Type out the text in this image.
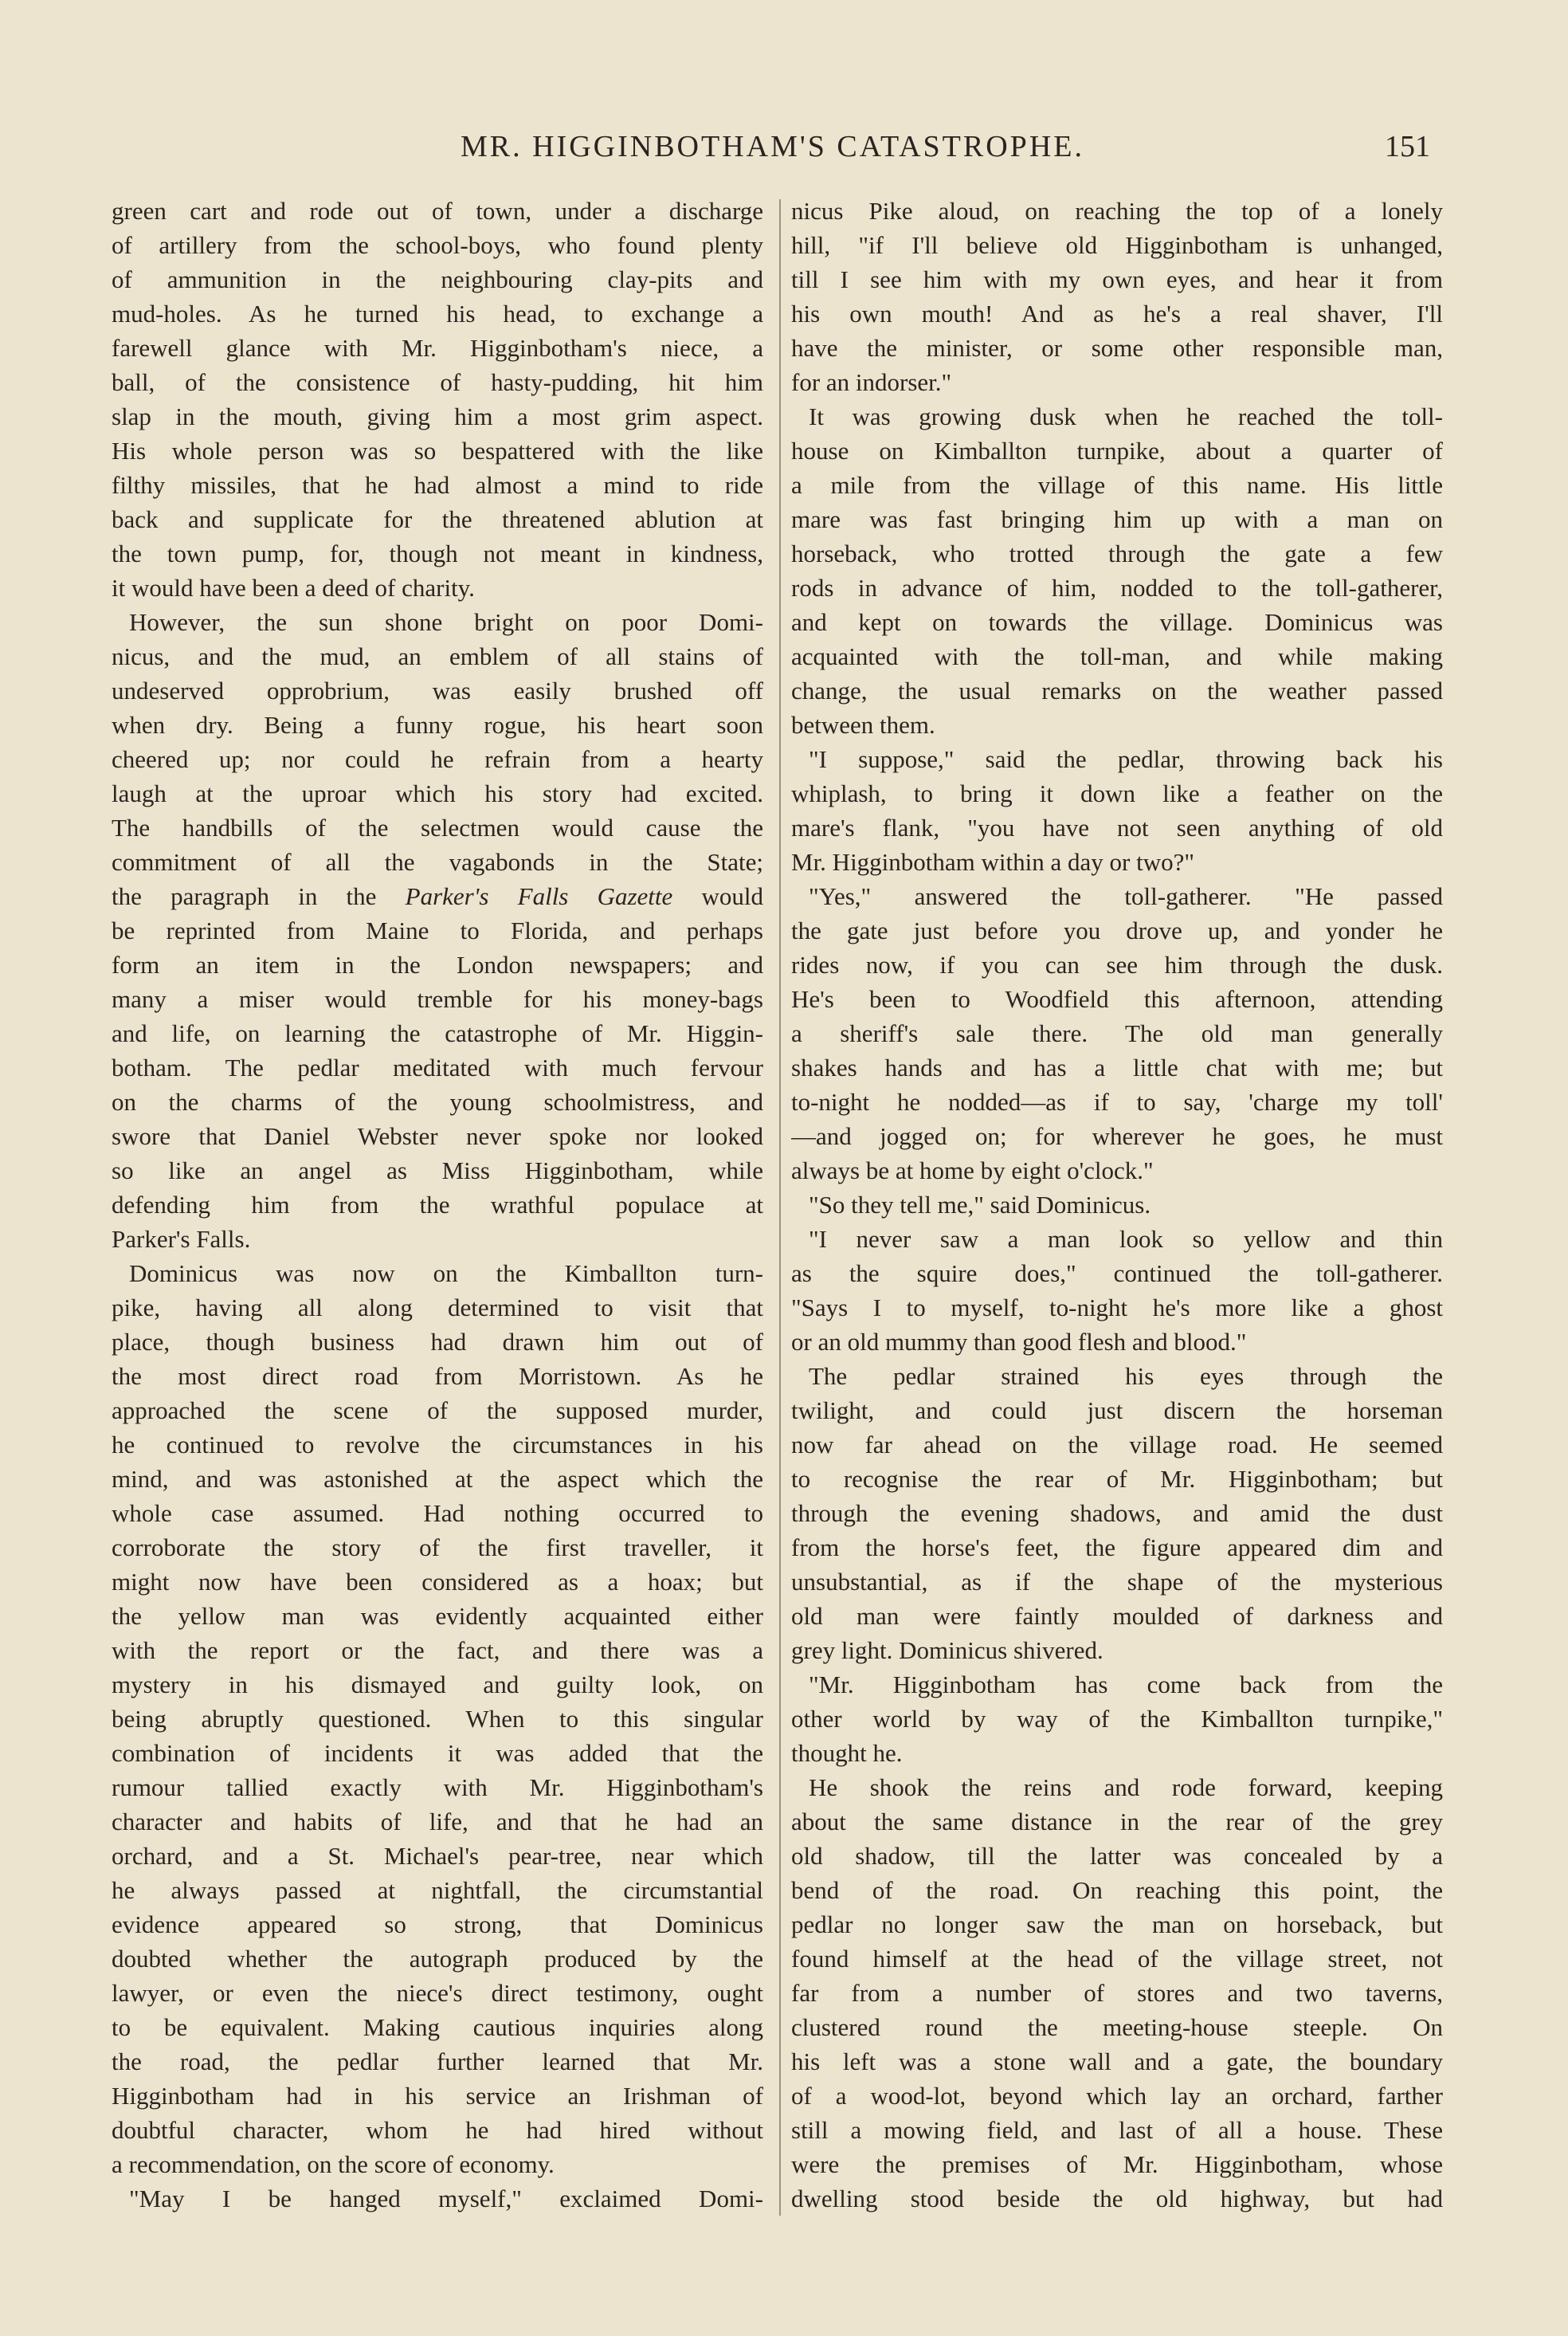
MR. HIGGINBOTHAM'S CATASTROPHE.	151
green cart and rode out of town, under a discharge
of artillery from the school-boys, who found plenty
of ammunition in the neighbouring clay-pits and
mud-holes. As he turned his head, to exchange a
farewell glance with Mr. Higginbotham's niece, a
ball, of the consistence of hasty-pudding, hit him
slap in the mouth, giving him a most grim aspect.
His whole person was so bespattered with the like
filthy missiles, that he had almost a mind to ride
back and supplicate for the threatened ablution at
the town pump, for, though not meant in kindness,
it would have been a deed of charity.
However, the sun shone bright on poor Domi-
nicus, and the mud, an emblem of all stains of
undeserved opprobrium, was easily brushed off
when dry. Being a funny rogue, his heart soon
cheered up; nor could he refrain from a hearty
laugh at the uproar which his story had excited.
The handbills of the selectmen would cause the
commitment of all the vagabonds in the State;
the paragraph in the Parker's Falls Gazette would
be reprinted from Maine to Florida, and perhaps
form an item in the London newspapers; and
many a miser would tremble for his money-bags
and life, on learning the catastrophe of Mr. Higgin-
botham. The pedlar meditated with much fervour
on the charms of the young schoolmistress, and
swore that Daniel Webster never spoke nor looked
so like an angel as Miss Higginbotham, while
defending him from the wrathful populace at
Parker's Falls.
Dominicus was now on the Kimballton turn-
pike, having all along determined to visit that
place, though business had drawn him out of
the most direct road from Morristown. As he
approached the scene of the supposed murder,
he continued to revolve the circumstances in his
mind, and was astonished at the aspect which the
whole case assumed. Had nothing occurred to
corroborate the story of the first traveller, it
might now have been considered as a hoax; but
the yellow man was evidently acquainted either
with the report or the fact, and there was a
mystery in his dismayed and guilty look, on
being abruptly questioned. When to this singular
combination of incidents it was added that the
rumour tallied exactly with Mr. Higginbotham's
character and habits of life, and that he had an
orchard, and a St. Michael's pear-tree, near which
he always passed at nightfall, the circumstantial
evidence appeared so strong, that Dominicus
doubted whether the autograph produced by the
lawyer, or even the niece's direct testimony, ought
to be equivalent. Making cautious inquiries along
the road, the pedlar further learned that Mr.
Higginbotham had in his service an Irishman of
doubtful character, whom he had hired without
a recommendation, on the score of economy.
"May I be hanged myself," exclaimed Domi-
nicus Pike aloud, on reaching the top of a lonely
hill, "if I'll believe old Higginbotham is unhanged,
till I see him with my own eyes, and hear it from
his own mouth! And as he's a real shaver, I'll
have the minister, or some other responsible man,
for an indorser."
It was growing dusk when he reached the toll-
house on Kimballton turnpike, about a quarter of
a mile from the village of this name. His little
mare was fast bringing him up with a man on
horseback, who trotted through the gate a few
rods in advance of him, nodded to the toll-gatherer,
and kept on towards the village. Dominicus was
acquainted with the toll-man, and while making
change, the usual remarks on the weather passed
between them.
"I suppose," said the pedlar, throwing back his
whiplash, to bring it down like a feather on the
mare's flank, "you have not seen anything of old
Mr. Higginbotham within a day or two?"
"Yes," answered the toll-gatherer. "He passed
the gate just before you drove up, and yonder he
rides now, if you can see him through the dusk.
He's been to Woodfield this afternoon, attending
a sheriff's sale there. The old man generally
shakes hands and has a little chat with me; but
to-night he nodded—as if to say, 'charge my toll'
—and jogged on; for wherever he goes, he must
always be at home by eight o'clock."
"So they tell me," said Dominicus.
"I never saw a man look so yellow and thin
as the squire does," continued the toll-gatherer.
"Says I to myself, to-night he's more like a ghost
or an old mummy than good flesh and blood."
The pedlar strained his eyes through the
twilight, and could just discern the horseman
now far ahead on the village road. He seemed
to recognise the rear of Mr. Higginbotham; but
through the evening shadows, and amid the dust
from the horse's feet, the figure appeared dim and
unsubstantial, as if the shape of the mysterious
old man were faintly moulded of darkness and
grey light. Dominicus shivered.
"Mr. Higginbotham has come back from the
other world by way of the Kimballton turnpike,"
thought he.
He shook the reins and rode forward, keeping
about the same distance in the rear of the grey
old shadow, till the latter was concealed by a
bend of the road. On reaching this point, the
pedlar no longer saw the man on horseback, but
found himself at the head of the village street, not
far from a number of stores and two taverns,
clustered round the meeting-house steeple. On
his left was a stone wall and a gate, the boundary
of a wood-lot, beyond which lay an orchard, farther
still a mowing field, and last of all a house. These
were the premises of Mr. Higginbotham, whose
dwelling stood beside the old highway, but had
